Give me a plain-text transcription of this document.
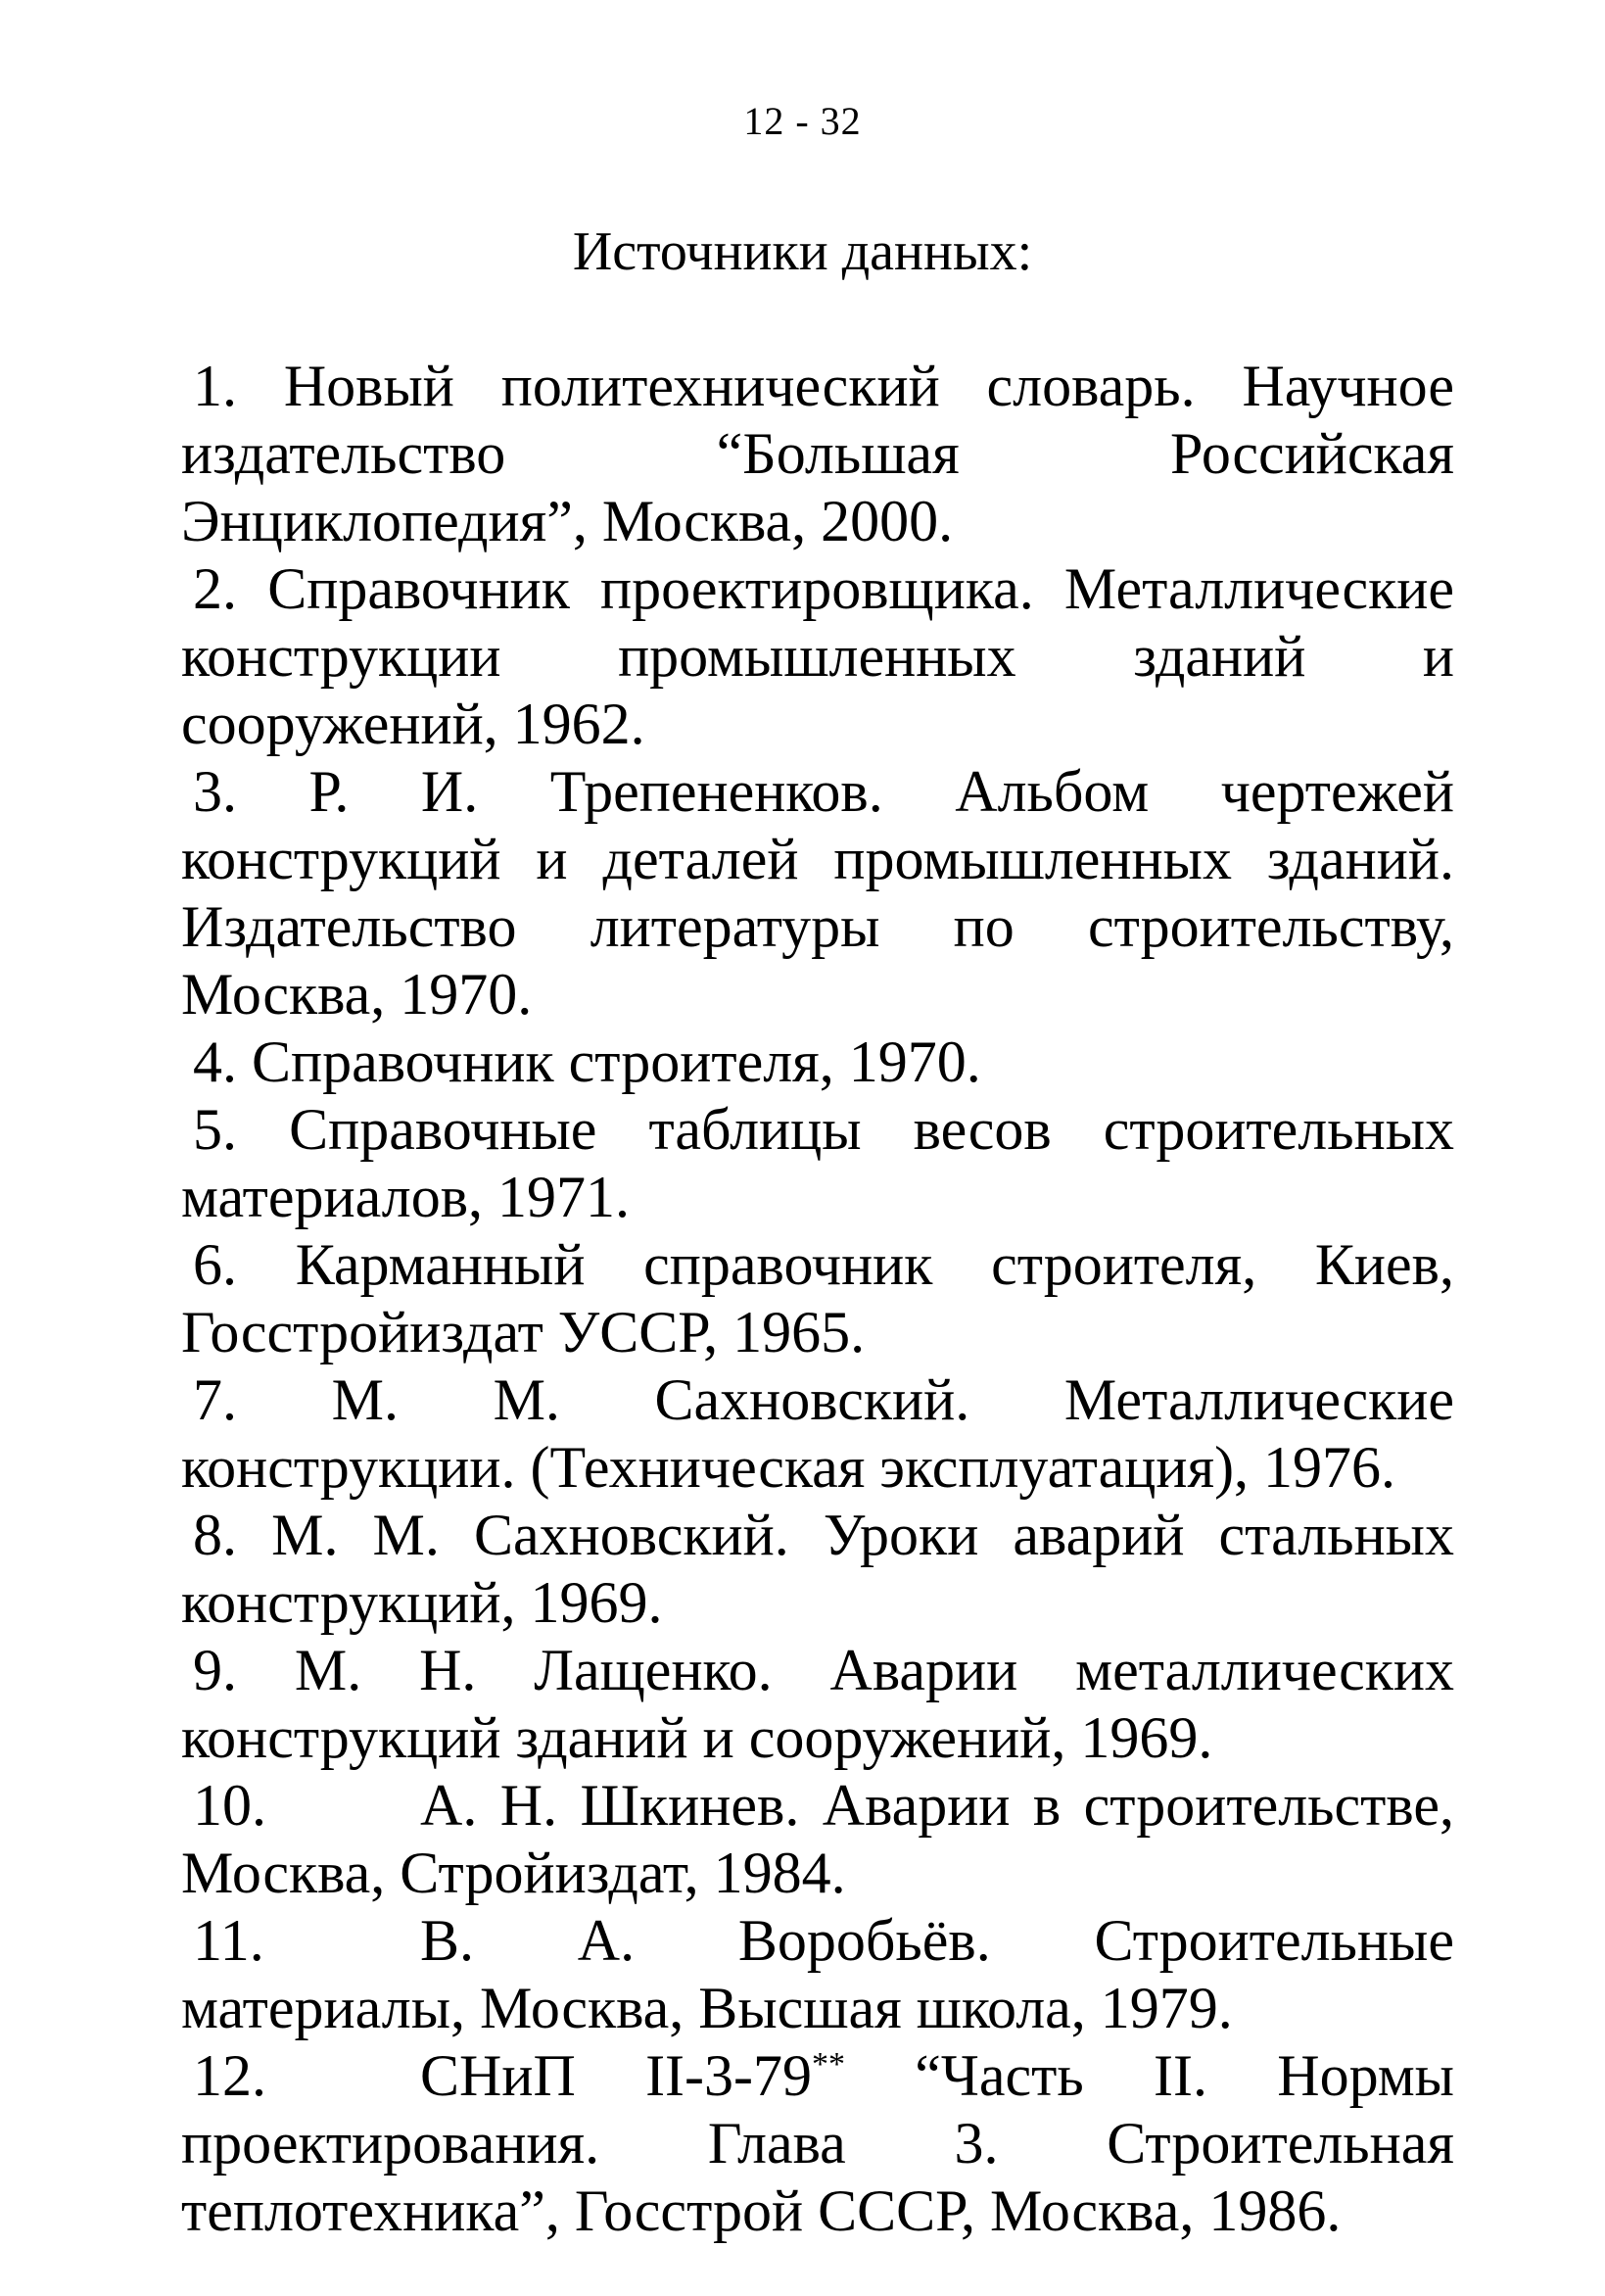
12 - 32
Источники данных:
1. Новый политехнический словарь. Научное издательство “Большая Российская Энциклопедия”, Москва, 2000.
2. Справочник проектировщика. Металлические конструкции промышленных зданий и сооружений, 1962.
3. Р. И. Трепененков. Альбом чертежей конструкций и деталей промышленных зданий. Издательство литературы по строительству, Москва, 1970.
4. Справочник строителя, 1970.
5. Справочные таблицы весов строительных материалов, 1971.
6. Карманный справочник строителя, Киев, Госстройиздат УССР, 1965.
7. М. М. Сахновский. Металлические конструкции. (Техническая эксплуатация), 1976.
8. М. М. Сахновский. Уроки аварий стальных конструкций, 1969.
9. М. Н. Лащенко. Аварии металлических конструкций зданий и сооружений, 1969.
10.	А. Н. Шкинев. Аварии в строительстве, Москва, Стройиздат, 1984.
11.	В. А. Воробьёв. Строительные материалы, Москва, Высшая школа, 1979.
12.	СНиП II-3-79** “Часть II. Нормы проектирования. Глава 3. Строительная теплотехника”, Госстрой СССР, Москва, 1986.
